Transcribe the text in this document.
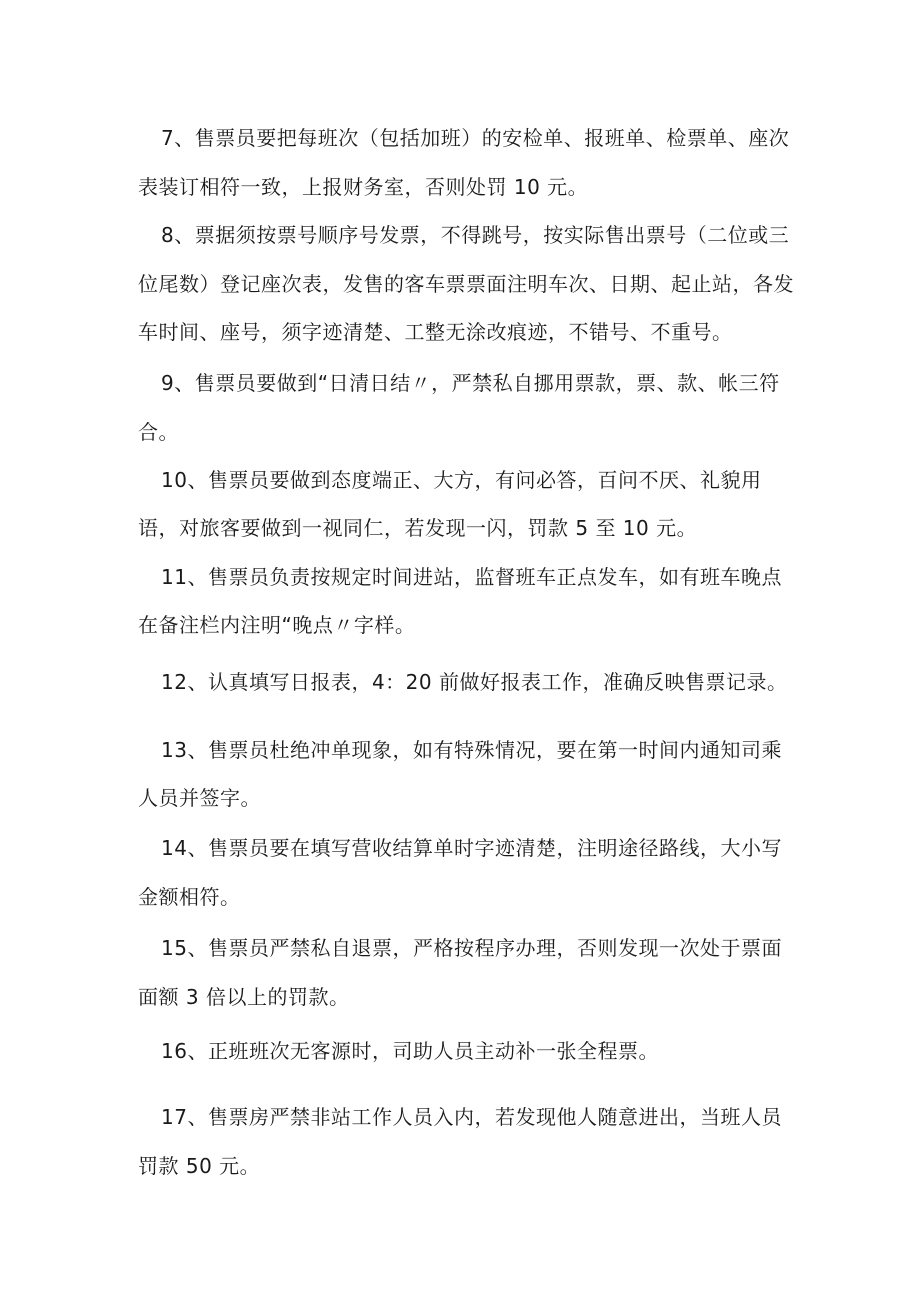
7、售票员要把每班次（包括加班）的安检单、报班单、检票单、座次
表装订相符一致，上报财务室，否则处罚 10 元。
8、票据须按票号顺序号发票，不得跳号，按实际售出票号（二位或三
位尾数）登记座次表，发售的客车票票面注明车次、日期、起止站，各发
车时间、座号，须字迹清楚、工整无涂改痕迹，不错号、不重号。
9、售票员要做到“日清日结〃，严禁私自挪用票款，票、款、帐三符
合。
10、售票员要做到态度端正、大方，有问必答，百问不厌、礼貌用
语，对旅客要做到一视同仁，若发现一闪，罚款 5 至 10 元。
11、售票员负责按规定时间进站，监督班车正点发车，如有班车晚点
在备注栏内注明“晚点〃字样。
12、认真填写日报表，4：20 前做好报表工作，准确反映售票记录。
13、售票员杜绝冲单现象，如有特殊情况，要在第一时间内通知司乘
人员并签字。
14、售票员要在填写营收结算单时字迹清楚，注明途径路线，大小写
金额相符。
15、售票员严禁私自退票，严格按程序办理，否则发现一次处于票面
面额 3 倍以上的罚款。
16、正班班次无客源时，司助人员主动补一张全程票。
17、售票房严禁非站工作人员入内，若发现他人随意进出，当班人员
罚款 50 元。
